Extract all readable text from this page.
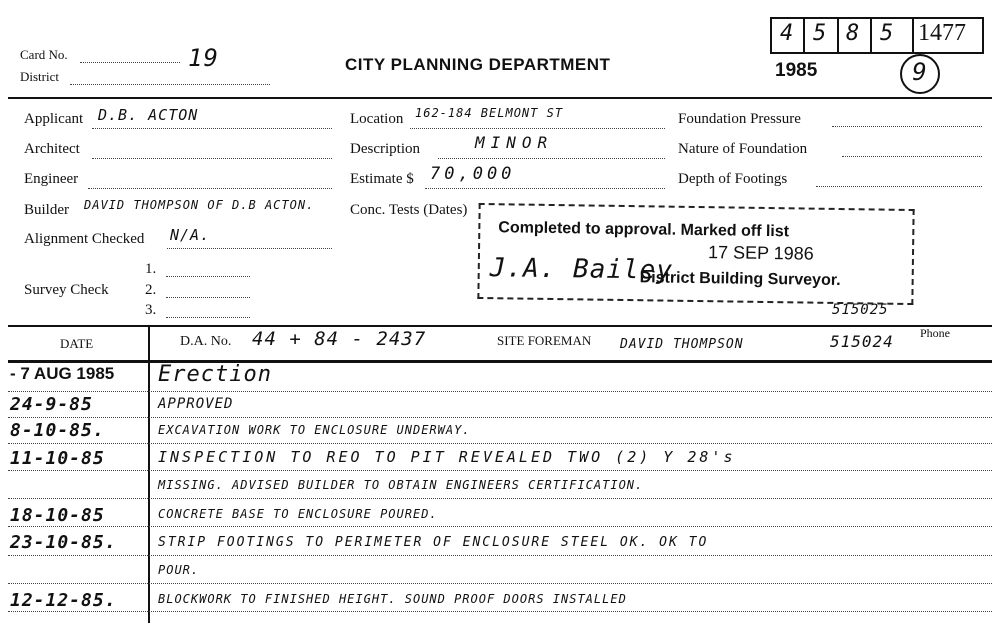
Card No.	19
District
CITY PLANNING DEPARTMENT	1985
4 5 8 5 1477
9
Applicant D.B. ACTON
Architect
Engineer
Builder DAVID THOMPSON OF D.B ACTON.
Alignment Checked N/A.
1.
Survey Check 2.
3.
Location 162-184 BELMONT ST
Description	MINOR
Estimate $ 70,000
Conc. Tests (Dates)
Foundation Pressure
Nature of Foundation
Depth of Footings
Completed to approval. Marked off list
17 SEP 1986
J.A. Bailey
District Building Surveyor.
515025
DATE	D.A. No. 44 + 84 - 2437	SITE FOREMAN DAVID THOMPSON
Phone
515024
- 7 AUG 1985 Erection
24-9-85	APPROVED
8-10-85.	EXCAVATION WORK TO ENCLOSURE UNDERWAY.
11-10-85	INSPECTION TO REO TO PIT REVEALED TWO (2) Y 28's
MISSING. ADVISED BUILDER TO OBTAIN ENGINEERS CERTIFICATION.
18-10-85	CONCRETE BASE TO ENCLOSURE POURED.
23-10-85.	STRIP FOOTINGS TO PERIMETER OF ENCLOSURE STEEL OK. OK TO
POUR.
12-12-85.	BLOCKWORK TO FINISHED HEIGHT. SOUND PROOF DOORS INSTALLED
